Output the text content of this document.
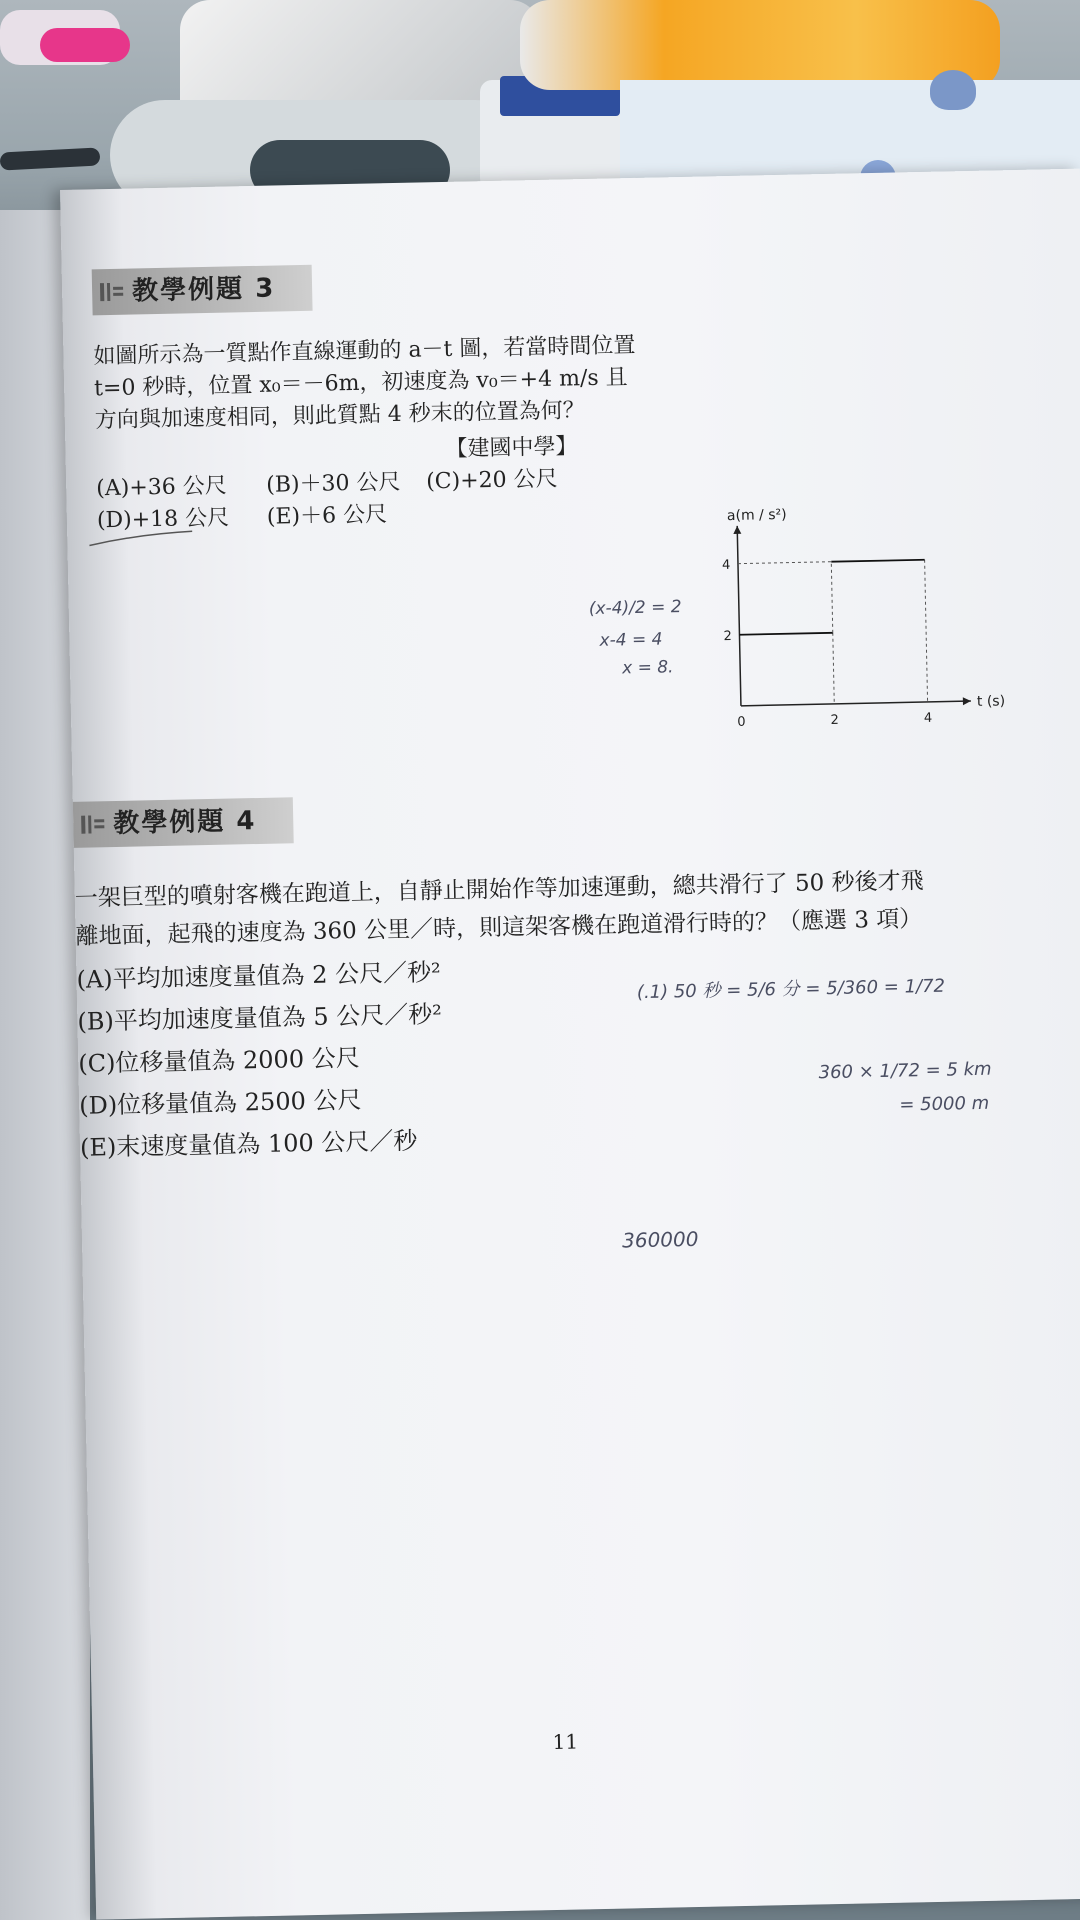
教學例題 3
如圖所示為一質點作直線運動的 a－t 圖，若當時間位置
t=0 秒時，位置 x₀＝－6m，初速度為 v₀＝+4 m/s 且
方向與加速度相同，則此質點 4 秒末的位置為何？
【建國中學】
(A)+36 公尺 (B)＋30 公尺 (C)+20 公尺
(D)+18 公尺 (E)＋6 公尺	a(m / s²)
t (s)
4
2
0	2	4
(x-4)/2 = 2
x-4 = 4
x = 8.
教學例題 4
一架巨型的噴射客機在跑道上，自靜止開始作等加速運動，總共滑行了 50 秒後才飛
離地面，起飛的速度為 360 公里／時，則這架客機在跑道滑行時的？（應選 3 項）
(A)平均加速度量值為 2 公尺／秒²
(B)平均加速度量值為 5 公尺／秒²
(C)位移量值為 2000 公尺
(D)位移量值為 2500 公尺
(E)末速度量值為 100 公尺／秒
(.1) 50 秒 = 5/6 分 = 5/360 = 1/72
360 × 1/72 = 5 km
= 5000 m
360000
11
